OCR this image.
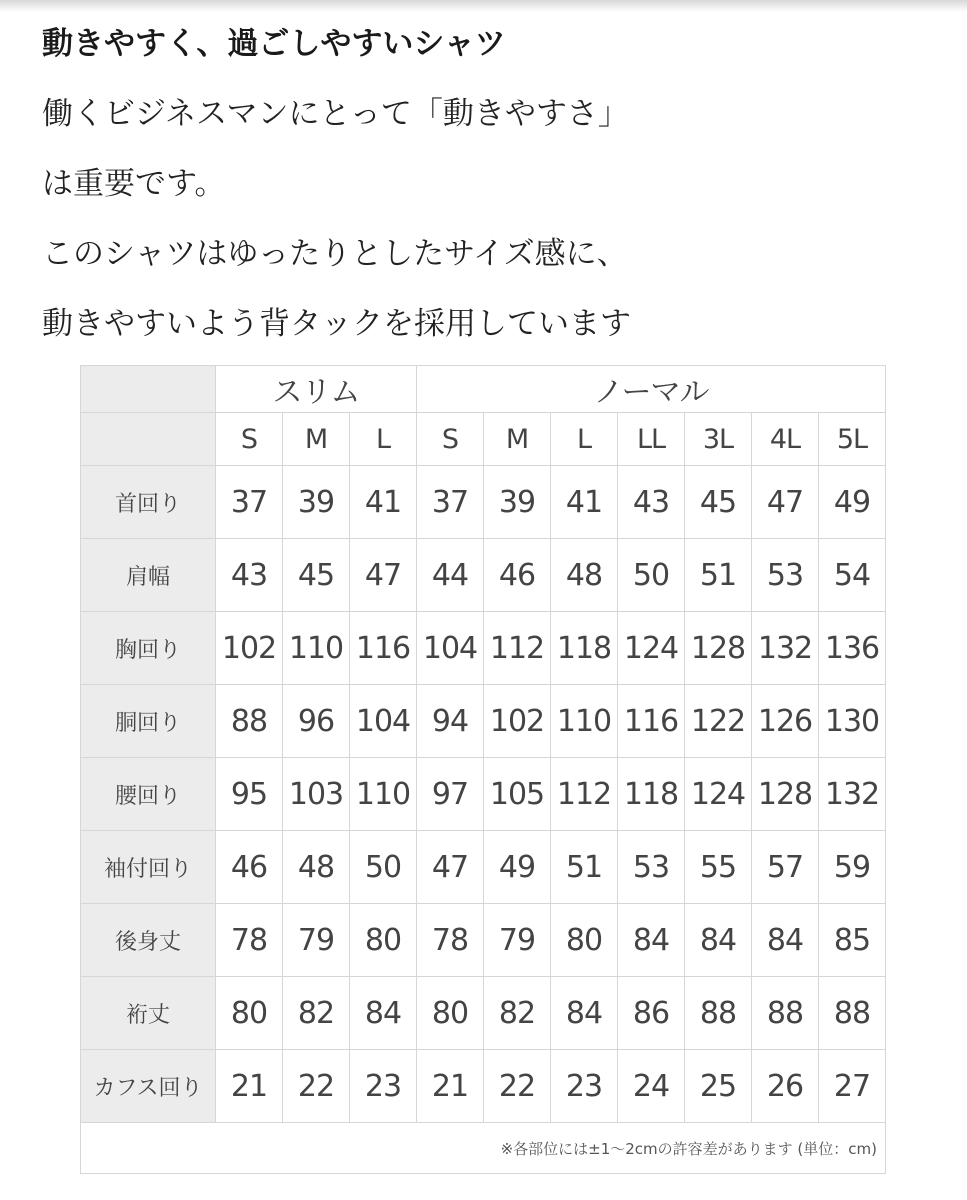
動きやすく、過ごしやすいシャツ
働くビジネスマンにとって「動きやすさ」
は重要です。
このシャツはゆったりとしたサイズ感に、
動きやすいよう背タックを採用しています
	スリム			ノーマル						
	S	M	L	S	M	L	LL	3L	4L	5L
首回り	37	39	41	37	39	41	43	45	47	49
肩幅	43	45	47	44	46	48	50	51	53	54
胸回り	102	110	116	104	112	118	124	128	132	136
胴回り	88	96	104	94	102	110	116	122	126	130
腰回り	95	103	110	97	105	112	118	124	128	132
袖付回り	46	48	50	47	49	51	53	55	57	59
後身丈	78	79	80	78	79	80	84	84	84	85
裄丈	80	82	84	80	82	84	86	88	88	88
カフス回り	21	22	23	21	22	23	24	25	26	27
※各部位には±1〜2cmの許容差があります (単位：cm)										
